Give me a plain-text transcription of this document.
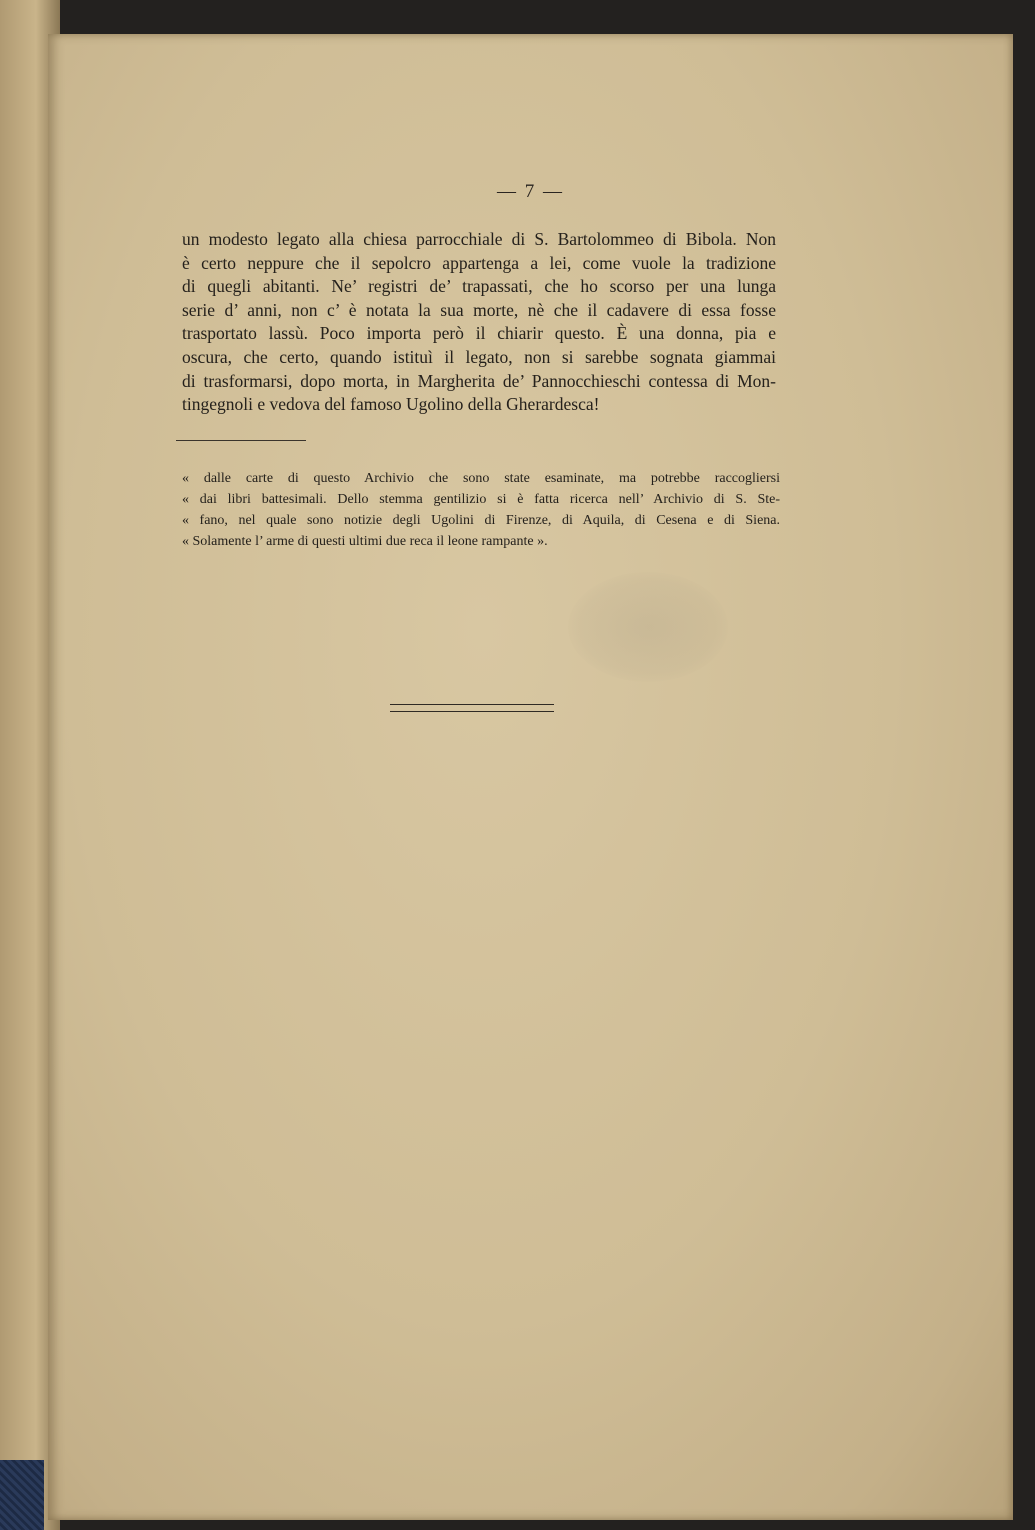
— 7 —
un modesto legato alla chiesa parrocchiale di S. Bartolommeo di Bibola. Non
è certo neppure che il sepolcro appartenga a lei, come vuole la tradizione
di quegli abitanti. Ne’ registri de’ trapassati, che ho scorso per una lunga
serie d’ anni, non c’ è notata la sua morte, nè che il cadavere di essa fosse
trasportato lassù. Poco importa però il chiarir questo. È una donna, pia e
oscura, che certo, quando istituì il legato, non si sarebbe sognata giammai
di trasformarsi, dopo morta, in Margherita de’ Pannocchieschi contessa di Mon-
tingegnoli e vedova del famoso Ugolino della Gherardesca!
« dalle carte di questo Archivio che sono state esaminate, ma potrebbe raccogliersi
« dai libri battesimali. Dello stemma gentilizio si è fatta ricerca nell’ Archivio di S. Ste-
« fano, nel quale sono notizie degli Ugolini di Firenze, di Aquila, di Cesena e di Siena.
« Solamente l’ arme di questi ultimi due reca il leone rampante ».
